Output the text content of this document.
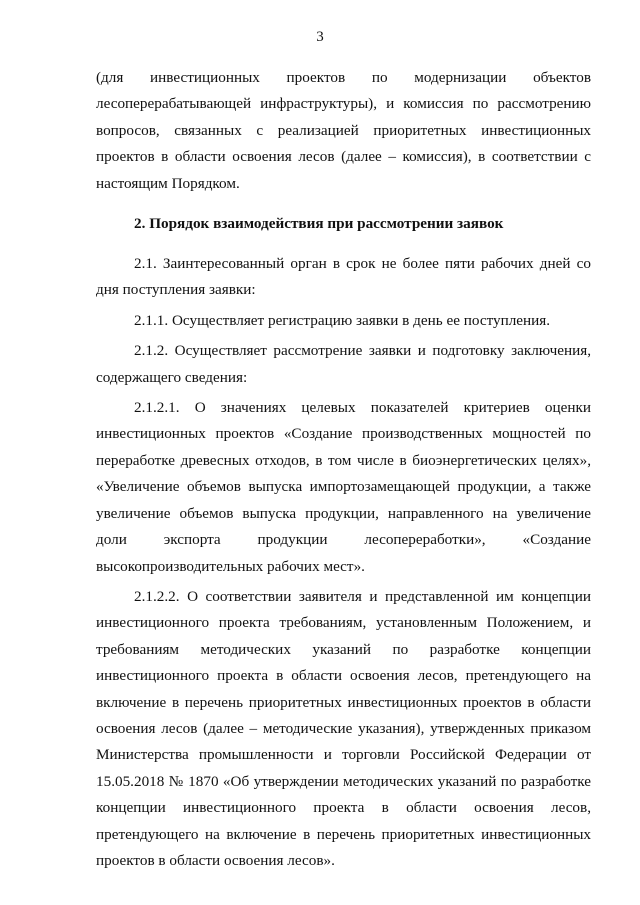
3

(для инвестиционных проектов по модернизации объектов лесоперерабатывающей инфраструктуры), и комиссия по рассмотрению вопросов, связанных с реализацией приоритетных инвестиционных проектов в области освоения лесов (далее – комиссия), в соответствии с настоящим Порядком.

2. Порядок взаимодействия при рассмотрении заявок

2.1. Заинтересованный орган в срок не более пяти рабочих дней со дня поступления заявки:

2.1.1. Осуществляет регистрацию заявки в день ее поступления.

2.1.2. Осуществляет рассмотрение заявки и подготовку заключения, содержащего сведения:

2.1.2.1. О значениях целевых показателей критериев оценки инвестиционных проектов «Создание производственных мощностей по переработке древесных отходов, в том числе в биоэнергетических целях», «Увеличение объемов выпуска импортозамещающей продукции, а также увеличение объемов выпуска продукции, направленного на увеличение доли экспорта продукции лесопереработки», «Создание высокопроизводительных рабочих мест».

2.1.2.2. О соответствии заявителя и представленной им концепции инвестиционного проекта требованиям, установленным Положением, и требованиям методических указаний по разработке концепции инвестиционного проекта в области освоения лесов, претендующего на включение в перечень приоритетных инвестиционных проектов в области освоения лесов (далее – методические указания), утвержденных приказом Министерства промышленности и торговли Российской Федерации от 15.05.2018 № 1870 «Об утверждении методических указаний по разработке концепции инвестиционного проекта в области освоения лесов, претендующего на включение в перечень приоритетных инвестиционных проектов в области освоения лесов».
